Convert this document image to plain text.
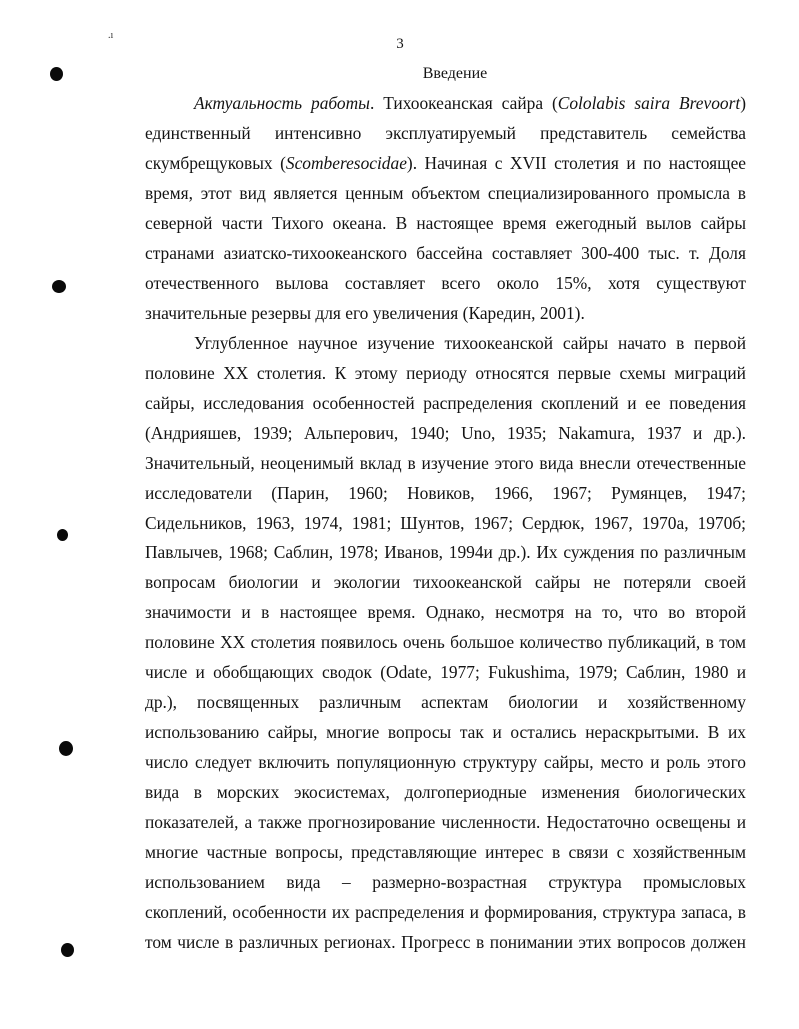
.ı
3
Введение
Актуальность работы. Тихоокеанская сайра (Cololabis saira Brevoort)
единственный интенсивно эксплуатируемый представитель семейства
скумбрещуковых (Scomberesocidae). Начиная с XVII столетия и по настоящее
время, этот вид является ценным объектом специализированного промысла в
северной части Тихого океана. В настоящее время ежегодный вылов сайры
странами азиатско-тихоокеанского бассейна составляет 300-400 тыс. т. Доля
отечественного вылова составляет всего около 15%, хотя существуют
значительные резервы для его увеличения (Каредин, 2001).
Углубленное научное изучение тихоокеанской сайры начато в первой
половине XX столетия. К этому периоду относятся первые схемы миграций
сайры, исследования особенностей распределения скоплений и ее поведения
(Андрияшев, 1939; Альперович, 1940; Uno, 1935; Nakamura, 1937 и др.).
Значительный, неоценимый вклад в изучение этого вида внесли отечественные
исследователи (Парин, 1960; Новиков, 1966, 1967; Румянцев, 1947;
Сидельников, 1963, 1974, 1981; Шунтов, 1967; Сердюк, 1967, 1970а, 1970б;
Павлычев, 1968; Саблин, 1978; Иванов, 1994и др.). Их суждения по различным
вопросам биологии и экологии тихоокеанской сайры не потеряли своей
значимости и в настоящее время. Однако, несмотря на то, что во второй
половине XX столетия появилось очень большое количество публикаций, в том
числе и обобщающих сводок (Odate, 1977; Fukushima, 1979; Саблин, 1980 и
др.), посвященных различным аспектам биологии и хозяйственному
использованию сайры, многие вопросы так и остались нераскрытыми. В их
число следует включить популяционную структуру сайры, место и роль этого
вида в морских экосистемах, долгопериодные изменения биологических
показателей, а также прогнозирование численности. Недостаточно освещены и
многие частные вопросы, представляющие интерес в связи с хозяйственным
использованием вида – размерно-возрастная структура промысловых
скоплений, особенности их распределения и формирования, структура запаса, в
том числе в различных регионах. Прогресс в понимании этих вопросов должен
